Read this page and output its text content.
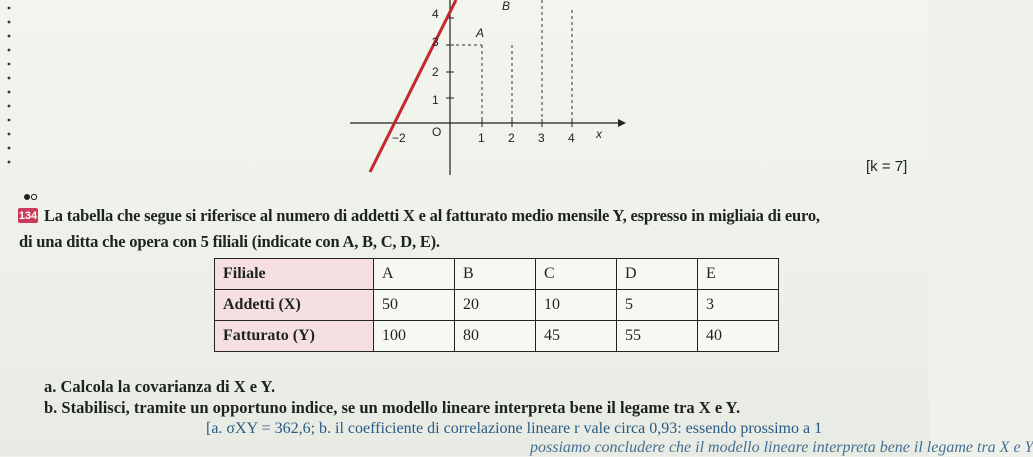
4
3
2
1
−2 O	1 2 3 4 x
A
B
[k = 7]
134 La tabella che segue si riferisce al numero di addetti X e al fatturato medio mensile Y, espresso in migliaia di euro,
di una ditta che opera con 5 filiali (indicate con A, B, C, D, E).
Filiale	A	B	C	D	E
Addetti (X)	50	20	10	5	3
Fatturato (Y)	100	80	45	55	40
a. Calcola la covarianza di X e Y.
b. Stabilisci, tramite un opportuno indice, se un modello lineare interpreta bene il legame tra X e Y.
[a. σXY = 362,6; b. il coefficiente di correlazione lineare r vale circa 0,93: essendo prossimo a 1
possiamo concludere che il modello lineare interpreta bene il legame tra X e Y
